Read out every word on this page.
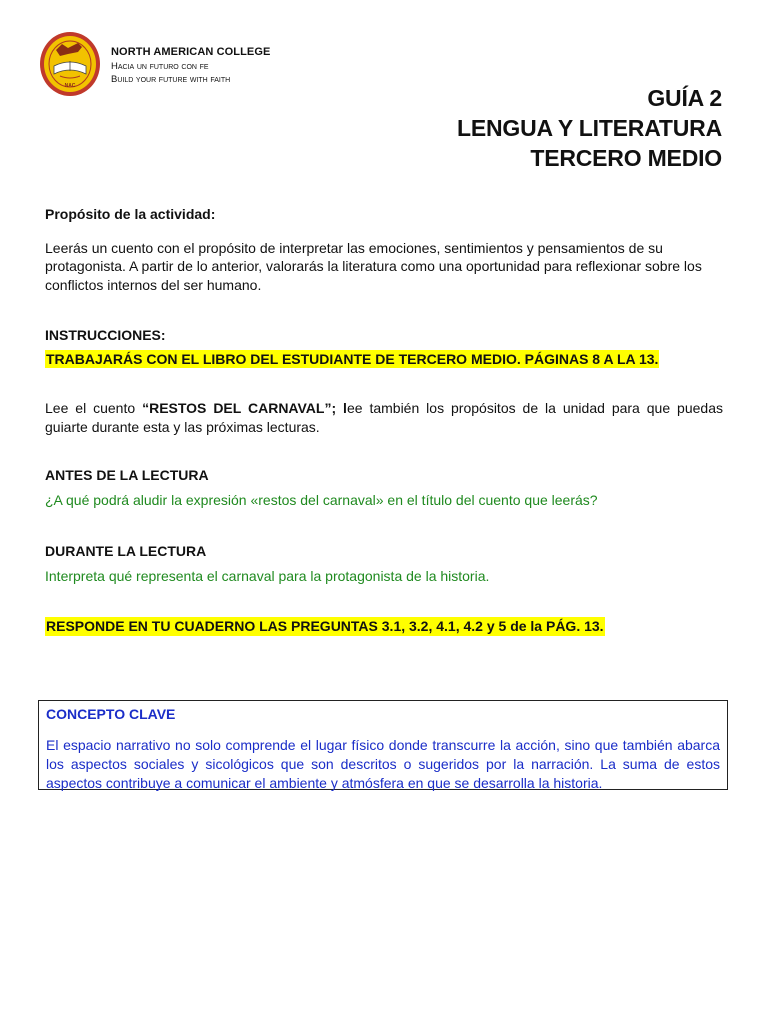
NAC
NORTH AMERICAN COLLEGE
Hacia un futuro con fe
Build your future with faith
GUÍA 2
LENGUA Y LITERATURA
TERCERO MEDIO

Propósito de la actividad:

Leerás un cuento con el propósito de interpretar las emociones, sentimientos y pensamientos de su protagonista. A partir de lo anterior, valorarás la literatura como una oportunidad para reflexionar sobre los conflictos internos del ser humano.

INSTRUCCIONES:

TRABAJARÁS CON EL LIBRO DEL ESTUDIANTE DE TERCERO MEDIO. PÁGINAS 8 A LA 13.

Lee el cuento “RESTOS DEL CARNAVAL”; lee también los propósitos de la unidad para que puedas guiarte durante esta y las próximas lecturas.

ANTES DE LA LECTURA

¿A qué podrá aludir la expresión «restos del carnaval» en el título del cuento que leerás?

DURANTE LA LECTURA

Interpreta qué representa el carnaval para la protagonista de la historia.

RESPONDE EN TU CUADERNO LAS PREGUNTAS 3.1, 3.2, 4.1, 4.2 y 5 de la PÁG. 13.
CONCEPTO CLAVE
El espacio narrativo no solo comprende el lugar físico donde transcurre la acción, sino que también abarca los aspectos sociales y sicológicos que son descritos o sugeridos por la narración. La suma de estos aspectos contribuye a comunicar el ambiente y atmósfera en que se desarrolla la historia.
